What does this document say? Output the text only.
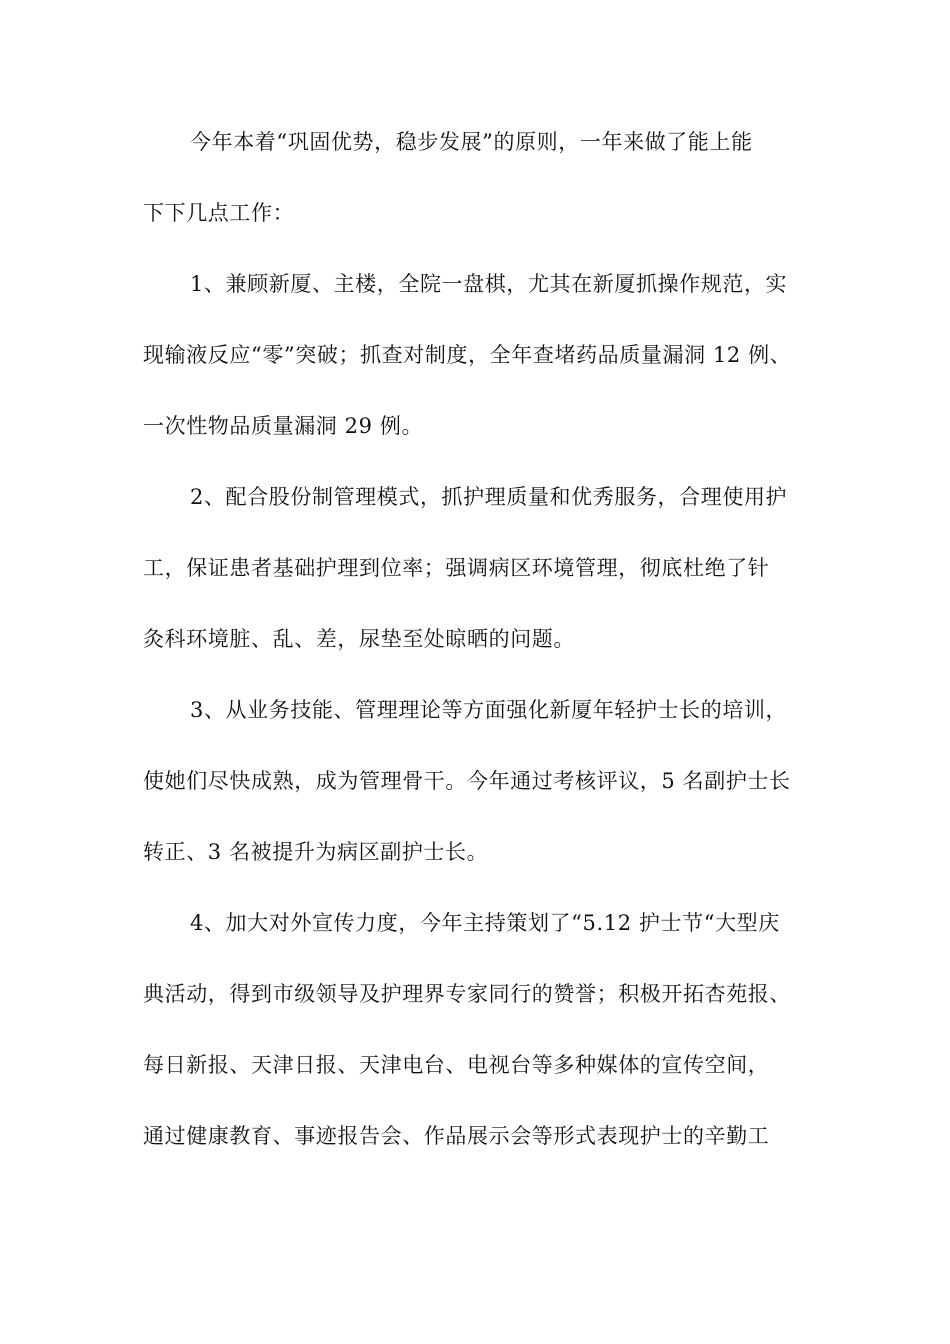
今年本着“巩固优势，稳步发展”的原则，一年来做了能上能
下下几点工作：
1、兼顾新厦、主楼，全院一盘棋，尤其在新厦抓操作规范，实
现输液反应“零”突破；抓查对制度，全年查堵药品质量漏洞 12 例、
一次性物品质量漏洞 29 例。
2、配合股份制管理模式，抓护理质量和优秀服务，合理使用护
工，保证患者基础护理到位率；强调病区环境管理，彻底杜绝了针
灸科环境脏、乱、差，尿垫至处晾晒的问题。
3、从业务技能、管理理论等方面强化新厦年轻护士长的培训，
使她们尽快成熟，成为管理骨干。今年通过考核评议，5 名副护士长
转正、3 名被提升为病区副护士长。
4、加大对外宣传力度，今年主持策划了“5.12 护士节“大型庆
典活动，得到市级领导及护理界专家同行的赞誉；积极开拓杏苑报、
每日新报、天津日报、天津电台、电视台等多种媒体的宣传空间，
通过健康教育、事迹报告会、作品展示会等形式表现护士的辛勤工
